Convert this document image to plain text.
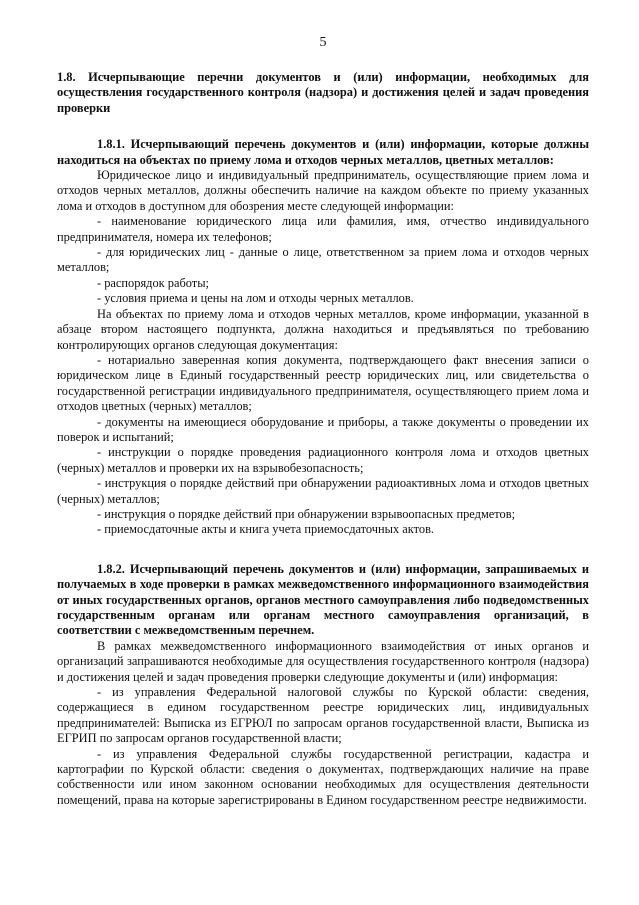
5

1.8. Исчерпывающие перечни документов и (или) информации, необходимых для осуществления государственного контроля (надзора) и достижения целей и задач проведения проверки

1.8.1. Исчерпывающий перечень документов и (или) информации, которые должны находиться на объектах по приему лома и отходов черных металлов, цветных металлов:

Юридическое лицо и индивидуальный предприниматель, осуществляющие прием лома и отходов черных металлов, должны обеспечить наличие на каждом объекте по приему указанных лома и отходов в доступном для обозрения месте следующей информации:

- наименование юридического лица или фамилия, имя, отчество индивидуального предпринимателя, номера их телефонов;

- для юридических лиц - данные о лице, ответственном за прием лома и отходов черных металлов;

- распорядок работы;

- условия приема и цены на лом и отходы черных металлов.

На объектах по приему лома и отходов черных металлов, кроме информации, указанной в абзаце втором настоящего подпункта, должна находиться и предъявляться по требованию контролирующих органов следующая документация:

- нотариально заверенная копия документа, подтверждающего факт внесения записи о юридическом лице в Единый государственный реестр юридических лиц, или свидетельства о государственной регистрации индивидуального предпринимателя, осуществляющего прием лома и отходов цветных (черных) металлов;

- документы на имеющиеся оборудование и приборы, а также документы о проведении их поверок и испытаний;

- инструкции о порядке проведения радиационного контроля лома и отходов цветных (черных) металлов и проверки их на взрывобезопасность;

- инструкция о порядке действий при обнаружении радиоактивных лома и отходов цветных (черных) металлов;

- инструкция о порядке действий при обнаружении взрывоопасных предметов;

- приемосдаточные акты и книга учета приемосдаточных актов.

1.8.2. Исчерпывающий перечень документов и (или) информации, запрашиваемых и получаемых в ходе проверки в рамках межведомственного информационного взаимодействия от иных государственных органов, органов местного самоуправления либо подведомственных государственным органам или органам местного самоуправления организаций, в соответствии с межведомственным перечнем.

В рамках межведомственного информационного взаимодействия от иных органов и организаций запрашиваются необходимые для осуществления государственного контроля (надзора) и достижения целей и задач проведения проверки следующие документы и (или) информация:

- из управления Федеральной налоговой службы по Курской области: сведения, содержащиеся в едином государственном реестре юридических лиц, индивидуальных предпринимателей: Выписка из ЕГРЮЛ по запросам органов государственной власти, Выписка из ЕГРИП по запросам органов государственной власти;

- из управления Федеральной службы государственной регистрации, кадастра и картографии по Курской области: сведения о документах, подтверждающих наличие на праве собственности или ином законном основании необходимых для осуществления деятельности помещений, права на которые зарегистрированы в Едином государственном реестре недвижимости.
